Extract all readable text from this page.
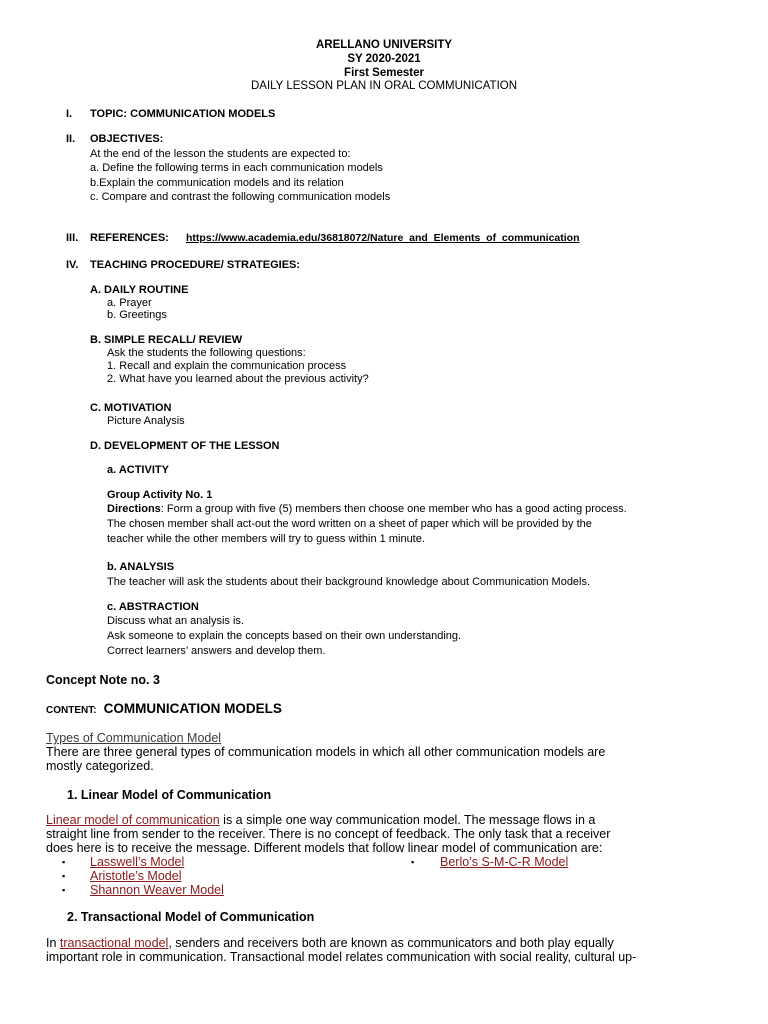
ARELLANO UNIVERSITY
SY 2020-2021
First Semester
DAILY LESSON PLAN IN ORAL COMMUNICATION
I. TOPIC: COMMUNICATION MODELS
II. OBJECTIVES:
At the end of the lesson the students are expected to:
a. Define the following terms in each communication models
b.Explain the communication models and its relation
c. Compare and contrast the following communication models
III. REFERENCES: https://www.academia.edu/36818072/Nature_and_Elements_of_communication
IV. TEACHING PROCEDURE/ STRATEGIES:
A. DAILY ROUTINE
a. Prayer
b. Greetings
B. SIMPLE RECALL/ REVIEW
Ask the students the following questions:
1. Recall and explain the communication process
2. What have you learned about the previous activity?
C. MOTIVATION
Picture Analysis
D. DEVELOPMENT OF THE LESSON
a. ACTIVITY
Group Activity No. 1
Directions: Form a group with five (5) members then choose one member who has a good acting process.
The chosen member shall act-out the word written on a sheet of paper which will be provided by the
teacher while the other members will try to guess within 1 minute.
b. ANALYSIS
The teacher will ask the students about their background knowledge about Communication Models.
c. ABSTRACTION
Discuss what an analysis is.
Ask someone to explain the concepts based on their own understanding.
Correct learners’ answers and develop them.
Concept Note no. 3
CONTENT: COMMUNICATION MODELS
Types of Communication Model
There are three general types of communication models in which all other communication models are
mostly categorized.
1. Linear Model of Communication
Linear model of communication is a simple one way communication model. The message flows in a
straight line from sender to the receiver. There is no concept of feedback. The only task that a receiver
does here is to receive the message. Different models that follow linear model of communication are:
▪ Lasswell’s Model
▪ Aristotle’s Model
▪ Shannon Weaver Model
▪ Berlo’s S-M-C-R Model
2. Transactional Model of Communication
In transactional model, senders and receivers both are known as communicators and both play equally
important role in communication. Transactional model relates communication with social reality, cultural up-
